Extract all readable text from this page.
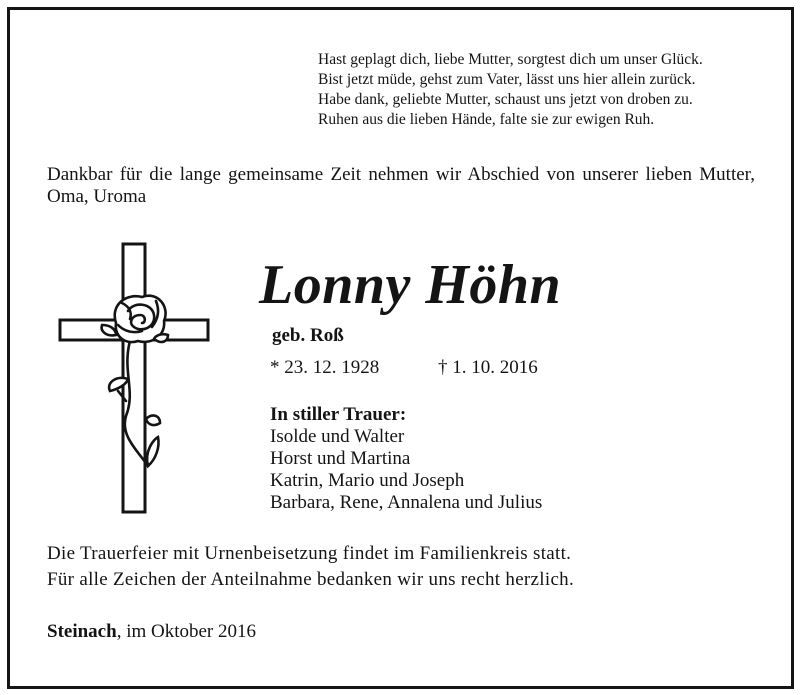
Hast geplagt dich, liebe Mutter, sorgtest dich um unser Glück.
Bist jetzt müde, gehst zum Vater, lässt uns hier allein zurück.
Habe dank, geliebte Mutter, schaust uns jetzt von droben zu.
Ruhen aus die lieben Hände, falte sie zur ewigen Ruh.
Dankbar für die lange gemeinsame Zeit nehmen wir Abschied von unserer lieben Mutter, Oma, Uroma
Lonny Höhn
geb. Roß
* 23. 12. 1928	† 1. 10. 2016
In stiller Trauer:
Isolde und Walter
Horst und Martina
Katrin, Mario und Joseph
Barbara, Rene, Annalena und Julius
Die Trauerfeier mit Urnenbeisetzung findet im Familienkreis statt.
Für alle Zeichen der Anteilnahme bedanken wir uns recht herzlich.
Steinach, im Oktober 2016
